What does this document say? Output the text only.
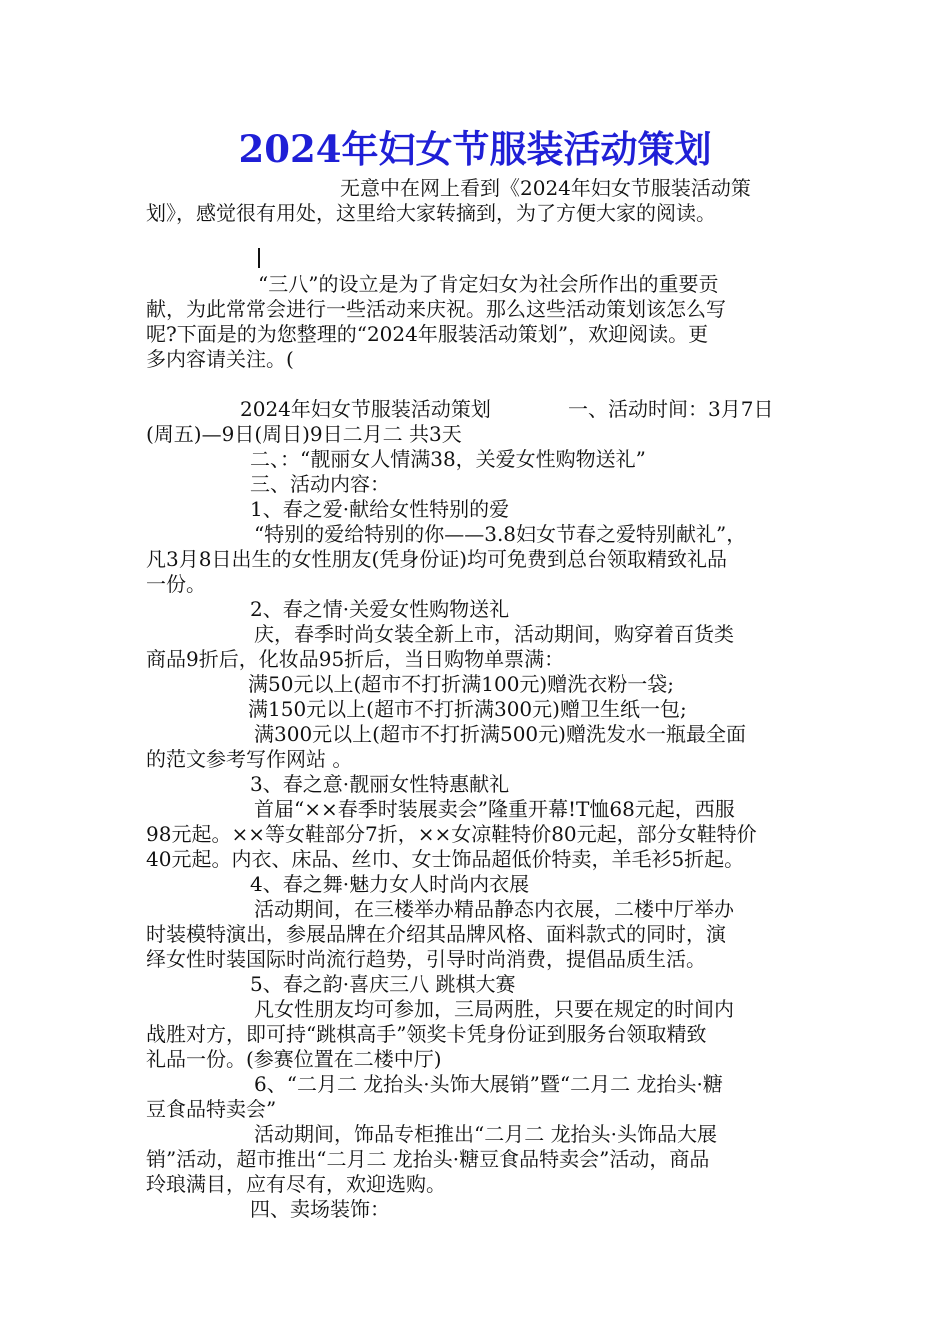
2024年妇女节服装活动策划
无意中在网上看到《2024年妇女节服装活动策
划》，感觉很有用处，这里给大家转摘到，为了方便大家的阅读。
“三八”的设立是为了肯定妇女为社会所作出的重要贡
献，为此常常会进行一些活动来庆祝。那么这些活动策划该怎么写
呢?下面是的为您整理的“2024年服装活动策划”，欢迎阅读。更
多内容请关注。(
2024年妇女节服装活动策划	一、活动时间：3月7日
(周五)—9日(周日)9日二月二 共3天
二、：“靓丽女人情满38，关爱女性购物送礼”
三、活动内容：
1、春之爱·献给女性特别的爱
“特别的爱给特别的你——3.8妇女节春之爱特别献礼”，
凡3月8日出生的女性朋友(凭身份证)均可免费到总台领取精致礼品
一份。
2、春之情·关爱女性购物送礼
庆，春季时尚女装全新上市，活动期间，购穿着百货类
商品9折后，化妆品95折后，当日购物单票满：
满50元以上(超市不打折满100元)赠洗衣粉一袋;
满150元以上(超市不打折满300元)赠卫生纸一包;
满300元以上(超市不打折满500元)赠洗发水一瓶最全面
的范文参考写作网站 。
3、春之意·靓丽女性特惠献礼
首届“××春季时装展卖会”隆重开幕!T恤68元起，西服
98元起。××等女鞋部分7折，××女凉鞋特价80元起，部分女鞋特价
40元起。内衣、床品、丝巾、女士饰品超低价特卖，羊毛衫5折起。
4、春之舞·魅力女人时尚内衣展
活动期间，在三楼举办精品静态内衣展，二楼中厅举办
时装模特演出，参展品牌在介绍其品牌风格、面料款式的同时，演
绎女性时装国际时尚流行趋势，引导时尚消费，提倡品质生活。
5、春之韵·喜庆三八 跳棋大赛
凡女性朋友均可参加，三局两胜，只要在规定的时间内
战胜对方，即可持“跳棋高手”领奖卡凭身份证到服务台领取精致
礼品一份。(参赛位置在二楼中厅)
6、“二月二 龙抬头·头饰大展销”暨“二月二 龙抬头·糖
豆食品特卖会”
活动期间，饰品专柜推出“二月二 龙抬头·头饰品大展
销”活动，超市推出“二月二 龙抬头·糖豆食品特卖会”活动，商品
玲琅满目，应有尽有，欢迎选购。
四、卖场装饰：
